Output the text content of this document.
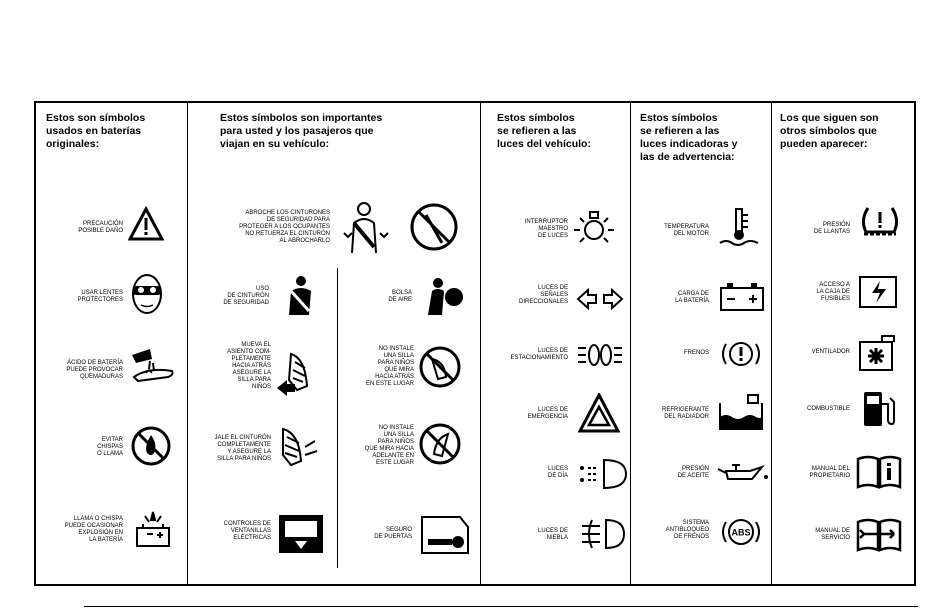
Estos son símbolos
usados en baterías
originales:
Estos símbolos son importantes
para usted y los pasajeros que
viajan en su vehículo:
Estos símbolos
se refieren a las
luces del vehículo:
Estos símbolos
se refieren a las
luces indicadoras y
las de advertencia:
Los que siguen son
otros símbolos que
pueden aparecer:
PRECAUCIÓN
POSIBLE DAÑO
USAR LENTES
PROTECTORES
ÁCIDO DE BATERÍA
PUEDE PROVOCAR
QUEMADURAS
EVITAR
CHISPAS
O LLAMA
LLAMA O CHISPA
PUEDE OCASIONAR
EXPLOSIÓN EN
LA BATERÍA
ABROCHE LOS CINTURONES
DE SEGURIDAD PARA
PROTEGER A LOS OCUPANTES
NO RETUERZA EL CINTURÓN
AL ABROCHARLO
USO
DE CINTURÓN
DE SEGURIDAD
BOLSA
DE AIRE
MUEVA EL
ASIENTO COM-
PLETAMENTE
HACIA ATRÁS
ASEGURE LA
SILLA PARA
NIÑOS
NO INSTALE
UNA SILLA
PARA NIÑOS
QUE MIRA
HACIA ATRÁS
EN ESTE LUGAR
JALE EL CINTURÓN
COMPLETAMENTE
Y ASEGURE LA
SILLA PARA NIÑOS
NO INSTALE
UNA SILLA
PARA NIÑOS
QUE MIRA HACIA
ADELANTE EN
ESTE LUGAR
CONTROLES DE
VENTANILLAS
ELÉCTRICAS
SEGURO
DE PUERTAS
INTERRUPTOR
MAESTRO
DE LUCES
LUCES DE
SEÑALES
DIRECCIONALES
LUCES DE
ESTACIONAMIENTO
LUCES DE
EMERGENCIA
LUCES
DE DÍA
LUCES DE
NIEBLA
TEMPERATURA
DEL MOTOR
CARGA DE
LA BATERÍA
FRENOS
REFRIGERANTE
DEL RADIADOR
PRESIÓN
DE ACEITE
SISTEMA
ANTIBLOQUEO
DE FRENOS ABS
PRESIÓN
DE LLANTAS
ACCESO A
LA CAJA DE
FUSIBLES
VENTILADOR
COMBUSTIBLE
MANUAL DEL
PROPIETARIO
MANUAL DE
SERVICIO
